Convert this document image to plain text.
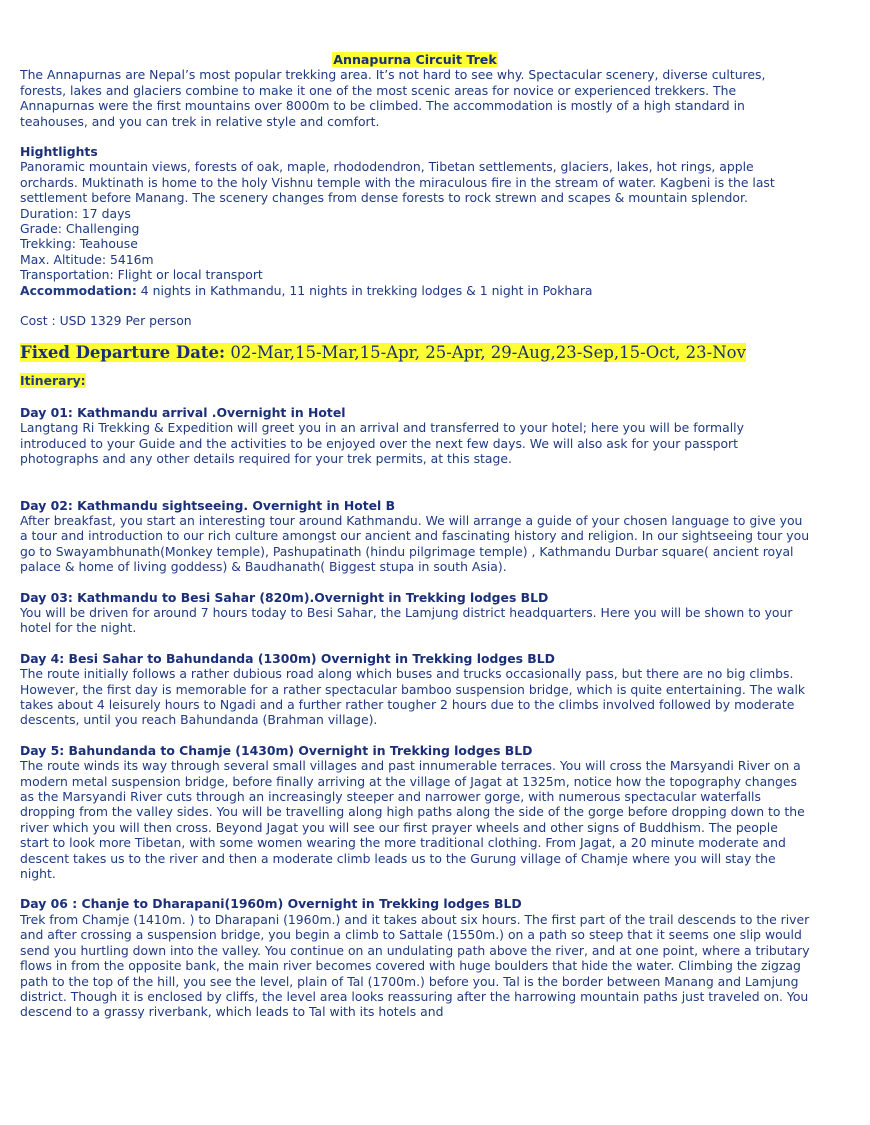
Annapurna Circuit Trek

The Annapurnas are Nepal’s most popular trekking area. It’s not hard to see why. Spectacular scenery, diverse cultures, forests, lakes and glaciers combine to make it one of the most scenic areas for novice or experienced trekkers. The Annapurnas were the first mountains over 8000m to be climbed. The accommodation is mostly of a high standard in teahouses, and you can trek in relative style and comfort.

Hightlights

Panoramic mountain views, forests of oak, maple, rhododendron, Tibetan settlements, glaciers, lakes, hot rings, apple orchards. Muktinath is home to the holy Vishnu temple with the miraculous fire in the stream of water. Kagbeni is the last settlement before Manang. The scenery changes from dense forests to rock strewn and scapes & mountain splendor.

Duration: 17 days

Grade: Challenging

Trekking: Teahouse

Max. Altitude: 5416m

Transportation: Flight or local transport

Accommodation: 4 nights in Kathmandu, 11 nights in trekking lodges & 1 night in Pokhara

Cost : USD 1329 Per person

Fixed Departure Date: 02-Mar,15-Mar,15-Apr, 25-Apr, 29-Aug,23-Sep,15-Oct, 23-Nov

Itinerary:

Day 01: Kathmandu arrival .Overnight in Hotel

Langtang Ri Trekking & Expedition will greet you in an arrival and transferred to your hotel; here you will be formally introduced to your Guide and the activities to be enjoyed over the next few days. We will also ask for your passport photographs and any other details required for your trek permits, at this stage.

Day 02: Kathmandu sightseeing. Overnight in Hotel B

After breakfast, you start an interesting tour around Kathmandu. We will arrange a guide of your chosen language to give you a tour and introduction to our rich culture amongst our ancient and fascinating history and religion. In our sightseeing tour you go to Swayambhunath(Monkey temple), Pashupatinath (hindu pilgrimage temple) , Kathmandu Durbar square( ancient royal palace & home of living goddess) & Baudhanath( Biggest stupa in south Asia).

Day 03: Kathmandu to Besi Sahar (820m).Overnight in Trekking lodges BLD

You will be driven for around 7 hours today to Besi Sahar, the Lamjung district headquarters. Here you will be shown to your hotel for the night.

Day 4: Besi Sahar to Bahundanda (1300m) Overnight in Trekking lodges BLD

The route initially follows a rather dubious road along which buses and trucks occasionally pass, but there are no big climbs. However, the first day is memorable for a rather spectacular bamboo suspension bridge, which is quite entertaining. The walk takes about 4 leisurely hours to Ngadi and a further rather tougher 2 hours due to the climbs involved followed by moderate descents, until you reach Bahundanda (Brahman village).

Day 5: Bahundanda to Chamje (1430m) Overnight in Trekking lodges BLD

The route winds its way through several small villages and past innumerable terraces. You will cross the Marsyandi River on a modern metal suspension bridge, before finally arriving at the village of Jagat at 1325m, notice how the topography changes as the Marsyandi River cuts through an increasingly steeper and narrower gorge, with numerous spectacular waterfalls dropping from the valley sides. You will be travelling along high paths along the side of the gorge before dropping down to the river which you will then cross. Beyond Jagat you will see our first prayer wheels and other signs of Buddhism. The people start to look more Tibetan, with some women wearing the more traditional clothing. From Jagat, a 20 minute moderate and descent takes us to the river and then a moderate climb leads us to the Gurung village of Chamje where you will stay the night.

Day 06 : Chanje to Dharapani(1960m) Overnight in Trekking lodges BLD

Trek from Chamje (1410m. ) to Dharapani (1960m.) and it takes about six hours. The first part of the trail descends to the river and after crossing a suspension bridge, you begin a climb to Sattale (1550m.) on a path so steep that it seems one slip would send you hurtling down into the valley. You continue on an undulating path above the river, and at one point, where a tributary flows in from the opposite bank, the main river becomes covered with huge boulders that hide the water. Climbing the zigzag path to the top of the hill, you see the level, plain of Tal (1700m.) before you. Tal is the border between Manang and Lamjung district. Though it is enclosed by cliffs, the level area looks reassuring after the harrowing mountain paths just traveled on. You descend to a grassy riverbank, which leads to Tal with its hotels and
